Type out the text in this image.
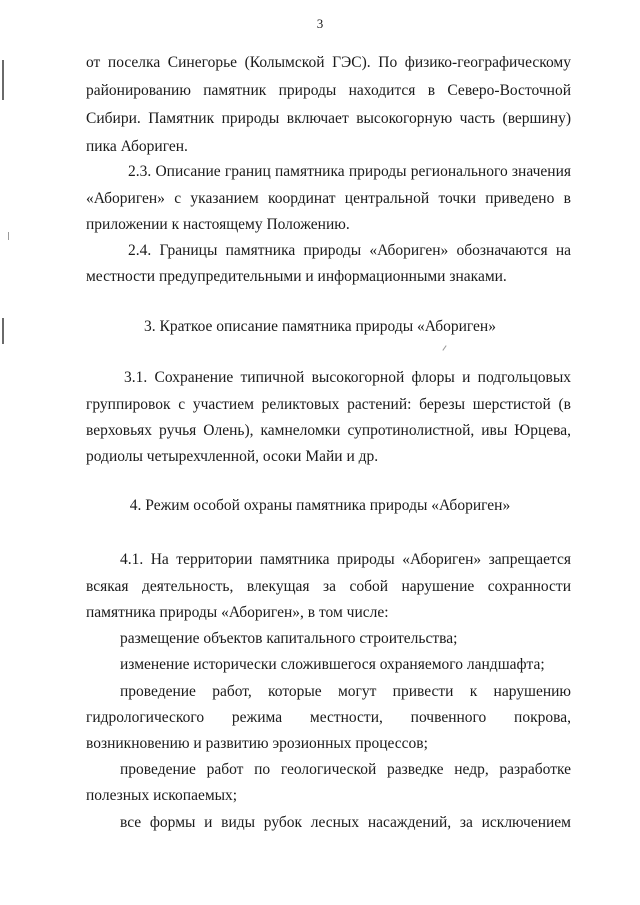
3
от поселка Синегорье (Колымской ГЭС). По физико-географическому
районированию памятник природы находится в Северо-Восточной
Сибири. Памятник природы включает высокогорную часть (вершину)
пика Абориген.
2.3. Описание границ памятника природы регионального значения
«Абориген» с указанием координат центральной точки приведено в
приложении к настоящему Положению.
2.4. Границы памятника природы «Абориген» обозначаются на
местности предупредительными и информационными знаками.
3. Краткое описание памятника природы «Абориген»
3.1. Сохранение типичной высокогорной флоры и подгольцовых
группировок с участием реликтовых растений: березы шерстистой (в
верховьях ручья Олень), камнеломки супротинолистной, ивы Юрцева,
родиолы четырехчленной, осоки Майи и др.
4. Режим особой охраны памятника природы «Абориген»
4.1. На территории памятника природы «Абориген» запрещается
всякая деятельность, влекущая за собой нарушение сохранности
памятника природы «Абориген», в том числе:
размещение объектов капитального строительства;
изменение исторически сложившегося охраняемого ландшафта;
проведение работ, которые могут привести к нарушению
гидрологического режима местности, почвенного покрова,
возникновению и развитию эрозионных процессов;
проведение работ по геологической разведке недр, разработке
полезных ископаемых;
все формы и виды рубок лесных насаждений, за исключением
